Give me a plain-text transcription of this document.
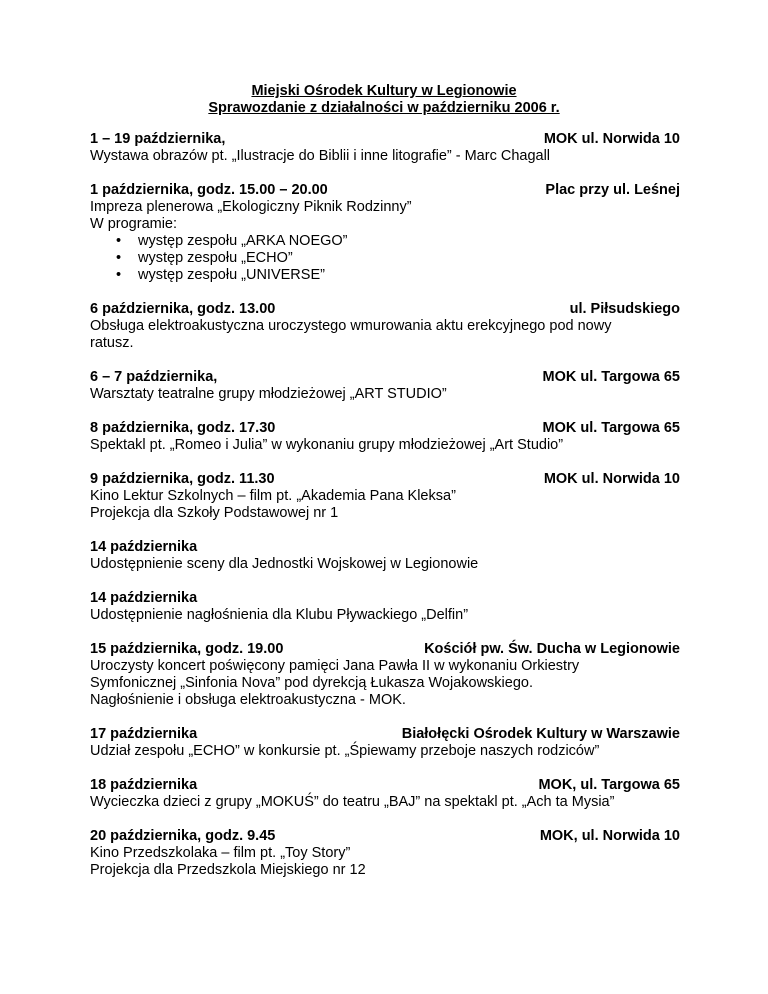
Miejski Ośrodek Kultury w Legionowie
Sprawozdanie z działalności w październiku 2006 r.
1 – 19 października,	MOK ul. Norwida 10
Wystawa obrazów pt. „Ilustracje do Biblii i inne litografie” - Marc Chagall
1 października, godz. 15.00 – 20.00	Plac przy ul. Leśnej
Impreza plenerowa „Ekologiczny Piknik Rodzinny”
W programie:
• występ zespołu „ARKA NOEGO”
• występ zespołu „ECHO”
• występ zespołu „UNIVERSE”
6 października, godz. 13.00	ul. Piłsudskiego
Obsługa elektroakustyczna uroczystego wmurowania aktu erekcyjnego pod nowy
ratusz.
6 – 7 października,	MOK ul. Targowa 65
Warsztaty teatralne grupy młodzieżowej „ART STUDIO”
8 października, godz. 17.30	MOK ul. Targowa 65
Spektakl pt. „Romeo i Julia” w wykonaniu grupy młodzieżowej „Art Studio”
9 października, godz. 11.30	MOK ul. Norwida 10
Kino Lektur Szkolnych – film pt. „Akademia Pana Kleksa”
Projekcja dla Szkoły Podstawowej nr 1
14 października
Udostępnienie sceny dla Jednostki Wojskowej w Legionowie
14 października
Udostępnienie nagłośnienia dla Klubu Pływackiego „Delfin”
15 października, godz. 19.00	Kościół pw. Św. Ducha w Legionowie
Uroczysty koncert poświęcony pamięci Jana Pawła II w wykonaniu Orkiestry
Symfonicznej „Sinfonia Nova” pod dyrekcją Łukasza Wojakowskiego.
Nagłośnienie i obsługa elektroakustyczna - MOK.
17 października	Białołęcki Ośrodek Kultury w Warszawie
Udział zespołu „ECHO” w konkursie pt. „Śpiewamy przeboje naszych rodziców”
18 października	MOK, ul. Targowa 65
Wycieczka dzieci z grupy „MOKUŚ” do teatru „BAJ” na spektakl pt. „Ach ta Mysia”
20 października, godz. 9.45	MOK, ul. Norwida 10
Kino Przedszkolaka – film pt. „Toy Story”
Projekcja dla Przedszkola Miejskiego nr 12
